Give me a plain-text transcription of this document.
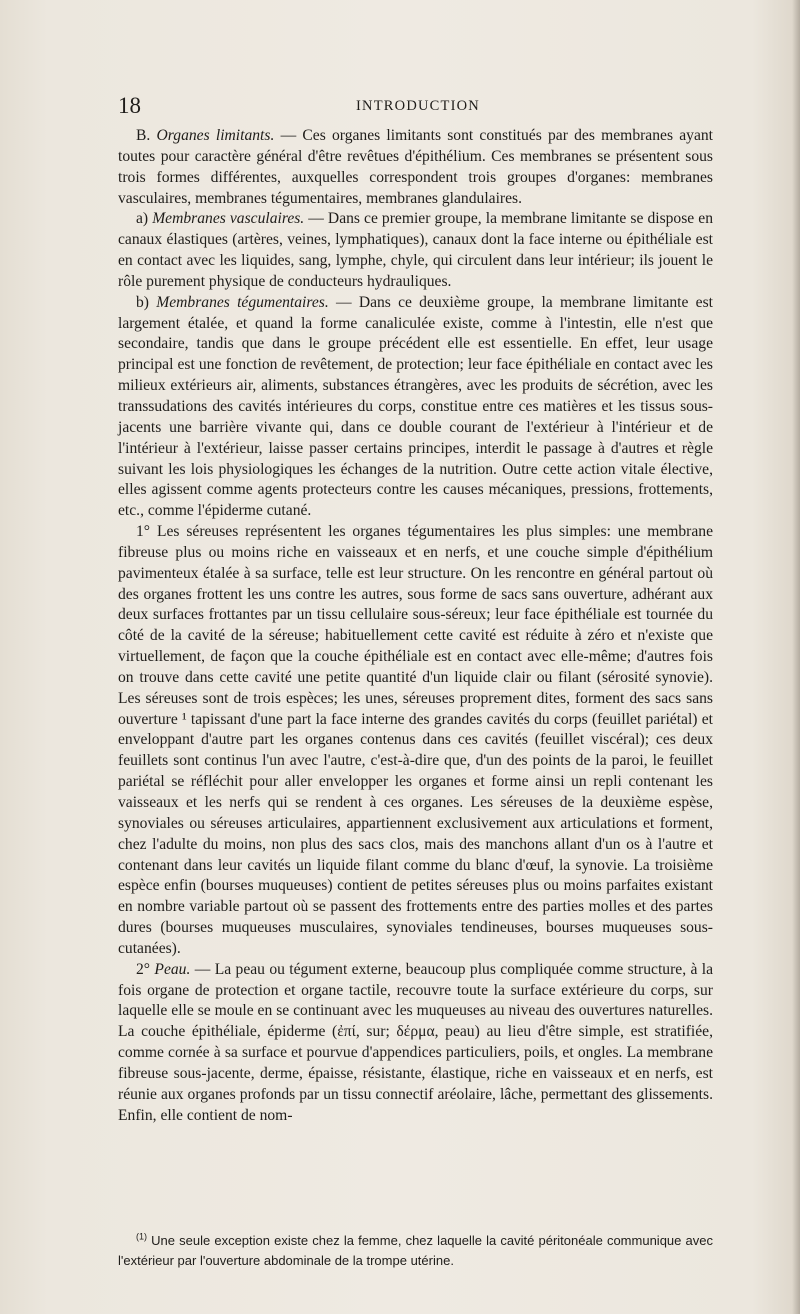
18	INTRODUCTION

B. Organes limitants. — Ces organes limitants sont constitués par des membranes ayant toutes pour caractère général d'être revêtues d'épithélium. Ces membranes se présentent sous trois formes différentes, auxquelles correspondent trois groupes d'organes: membranes vasculaires, membranes tégumentaires, membranes glandulaires.

a) Membranes vasculaires. — Dans ce premier groupe, la membrane limitante se dispose en canaux élastiques (artères, veines, lymphatiques), canaux dont la face interne ou épithéliale est en contact avec les liquides, sang, lymphe, chyle, qui circulent dans leur intérieur; ils jouent le rôle purement physique de conducteurs hydrauliques.

b) Membranes tégumentaires. — Dans ce deuxième groupe, la membrane limitante est largement étalée, et quand la forme canaliculée existe, comme à l'intestin, elle n'est que secondaire, tandis que dans le groupe précédent elle est essentielle. En effet, leur usage principal est une fonction de revêtement, de protection; leur face épithéliale en contact avec les milieux extérieurs air, aliments, substances étrangères, avec les produits de sécrétion, avec les transsudations des cavités intérieures du corps, constitue entre ces matières et les tissus sous-jacents une barrière vivante qui, dans ce double courant de l'extérieur à l'intérieur et de l'intérieur à l'extérieur, laisse passer certains principes, interdit le passage à d'autres et règle suivant les lois physiologiques les échanges de la nutrition. Outre cette action vitale élective, elles agissent comme agents protecteurs contre les causes mécaniques, pressions, frottements, etc., comme l'épiderme cutané.

1° Les séreuses représentent les organes tégumentaires les plus simples: une membrane fibreuse plus ou moins riche en vaisseaux et en nerfs, et une couche simple d'épithélium pavimenteux étalée à sa surface, telle est leur structure. On les rencontre en général partout où des organes frottent les uns contre les autres, sous forme de sacs sans ouverture, adhérant aux deux surfaces frottantes par un tissu cellulaire sous-séreux; leur face épithéliale est tournée du côté de la cavité de la séreuse; habituellement cette cavité est réduite à zéro et n'existe que virtuellement, de façon que la couche épithéliale est en contact avec elle-même; d'autres fois on trouve dans cette cavité une petite quantité d'un liquide clair ou filant (sérosité synovie). Les séreuses sont de trois espèces; les unes, séreuses proprement dites, forment des sacs sans ouverture ¹ tapissant d'une part la face interne des grandes cavités du corps (feuillet pariétal) et enveloppant d'autre part les organes contenus dans ces cavités (feuillet viscéral); ces deux feuillets sont continus l'un avec l'autre, c'est-à-dire que, d'un des points de la paroi, le feuillet pariétal se réfléchit pour aller envelopper les organes et forme ainsi un repli contenant les vaisseaux et les nerfs qui se rendent à ces organes. Les séreuses de la deuxième espèse, synoviales ou séreuses articulaires, appartiennent exclusivement aux articulations et forment, chez l'adulte du moins, non plus des sacs clos, mais des manchons allant d'un os à l'autre et contenant dans leur cavités un liquide filant comme du blanc d'œuf, la synovie. La troisième espèce enfin (bourses muqueuses) contient de petites séreuses plus ou moins parfaites existant en nombre variable partout où se passent des frottements entre des parties molles et des partes dures (bourses muqueuses musculaires, synoviales tendineuses, bourses muqueuses sous-cutanées).

2° Peau. — La peau ou tégument externe, beaucoup plus compliquée comme structure, à la fois organe de protection et organe tactile, recouvre toute la surface extérieure du corps, sur laquelle elle se moule en se continuant avec les muqueuses au niveau des ouvertures naturelles. La couche épithéliale, épiderme (ἐπί, sur; δέρμα, peau) au lieu d'être simple, est stratifiée, comme cornée à sa surface et pourvue d'appendices particuliers, poils, et ongles. La membrane fibreuse sous-jacente, derme, épaisse, résistante, élastique, riche en vaisseaux et en nerfs, est réunie aux organes profonds par un tissu connectif aréolaire, lâche, permettant des glissements. Enfin, elle contient de nom-

$^{(1)}$ Une seule exception existe chez la femme, chez laquelle la cavité péritonéale communique avec l'extérieur par l'ouverture abdominale de la trompe utérine.
